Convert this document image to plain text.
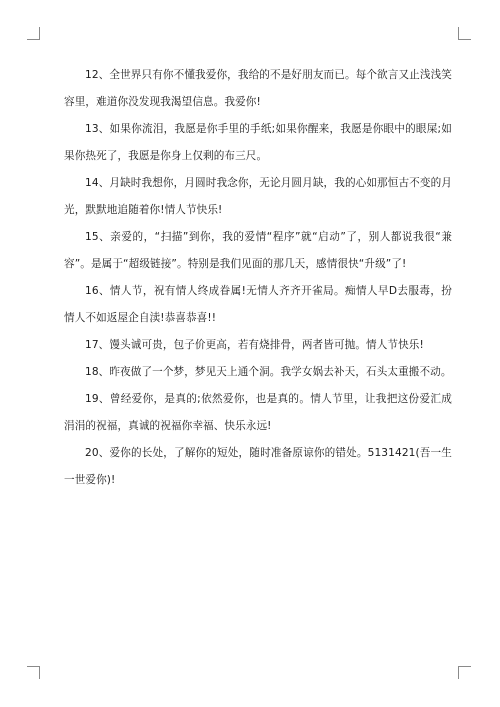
12、全世界只有你不懂我爱你，我给的不是好朋友而已。每个欲言又止浅浅笑容里，难道你没发现我渴望信息。我爱你!

13、如果你流泪，我愿是你手里的手纸;如果你醒来，我愿是你眼中的眼屎;如果你热死了，我愿是你身上仅剩的布三尺。

14、月缺时我想你，月圆时我念你，无论月圆月缺，我的心如那恒古不变的月光，默默地追随着你!情人节快乐!

15、亲爱的，“扫描”到你，我的爱情“程序”就“启动”了，别人都说我很“兼容”。是属于“超级链接”。特别是我们见面的那几天，感情很快“升级”了!

16、情人节，祝有情人终成眷属!无情人齐齐开雀局。痴情人早D去服毒，扮情人不如返屋企自渎!恭喜恭喜!!

17、馒头诚可贵，包子价更高，若有烧排骨，两者皆可抛。情人节快乐!

18、昨夜做了一个梦，梦见天上通个洞。我学女娲去补天，石头太重搬不动。

19、曾经爱你，是真的;依然爱你，也是真的。情人节里，让我把这份爱汇成涓涓的祝福，真诚的祝福你幸福、快乐永远!

20、爱你的长处，了解你的短处，随时准备原谅你的错处。5131421(吾一生一世爱你)!
